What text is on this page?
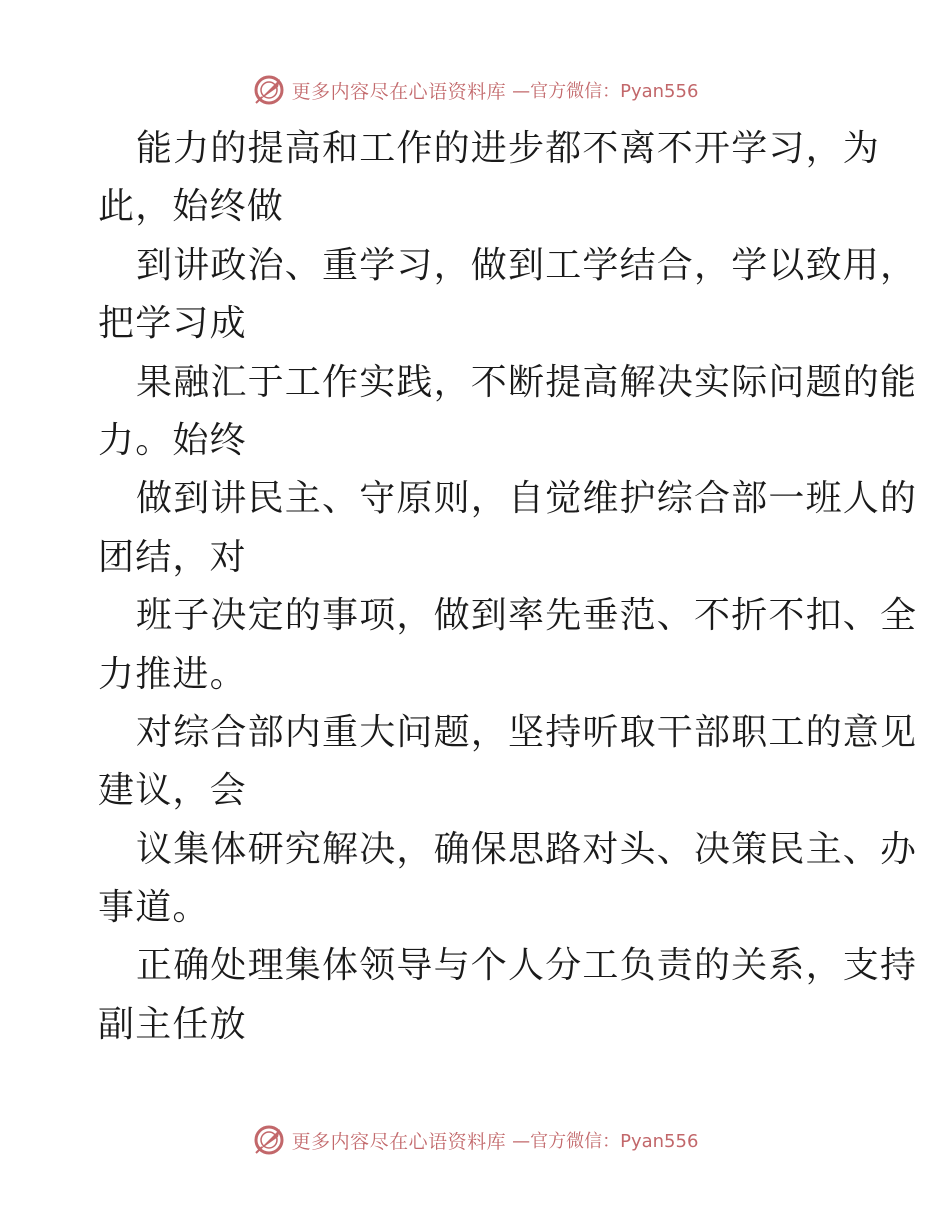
更多内容尽在心语资料库 —官方微信：Pyan556
能力的提高和工作的进步都不离不开学习，为
此，始终做
到讲政治、重学习，做到工学结合，学以致用，
把学习成
果融汇于工作实践，不断提高解决实际问题的能
力。始终
做到讲民主、守原则，自觉维护综合部一班人的
团结，对
班子决定的事项，做到率先垂范、不折不扣、全
力推进。
对综合部内重大问题，坚持听取干部职工的意见
建议，会
议集体研究解决，确保思路对头、决策民主、办
事道。
正确处理集体领导与个人分工负责的关系，支持
副主任放
更多内容尽在心语资料库 —官方微信：Pyan556
